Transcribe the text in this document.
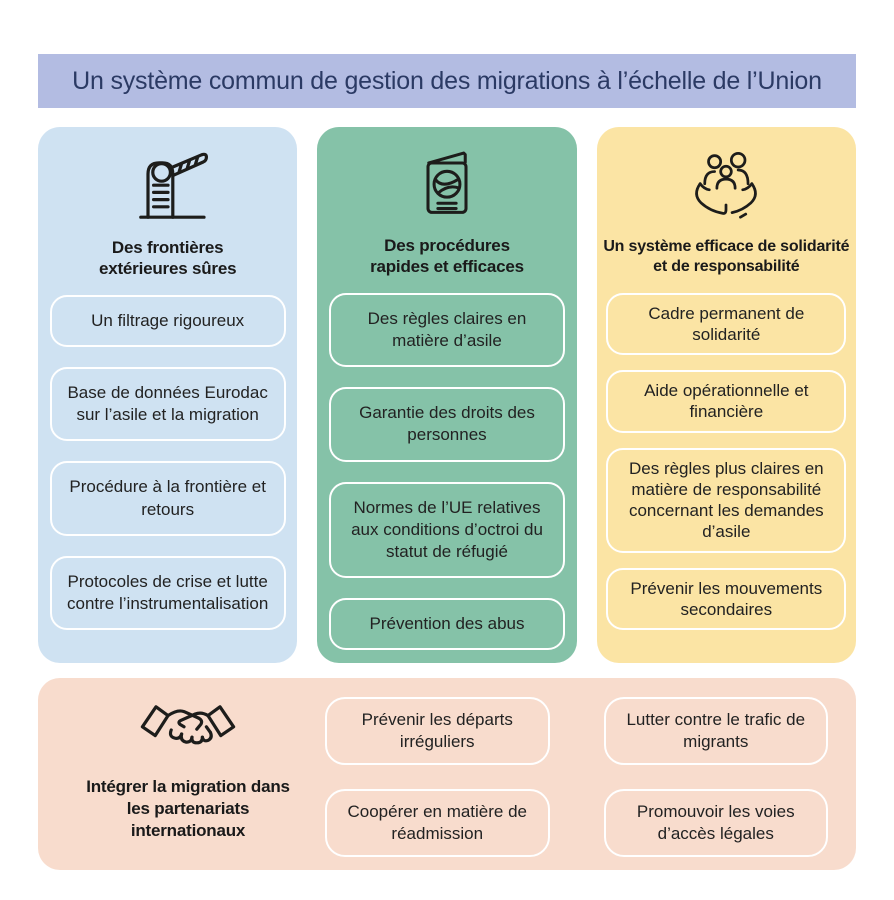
Un système commun de gestion des migrations à l’échelle de l’Union
Des frontières extérieures sûres
Un filtrage rigoureux
Base de données Eurodac sur l’asile et la migration
Procédure à la frontière et retours
Protocoles de crise et lutte contre l’instrumentalisation
Des procédures rapides et efficaces
Des règles claires en matière d’asile
Garantie des droits des personnes
Normes de l’UE relatives aux conditions d’octroi du statut de réfugié
Prévention des abus
Un système efficace de solidarité et de responsabilité
Cadre permanent de solidarité
Aide opérationnelle et financière
Des règles plus claires en matière de responsabilité concernant les demandes d’asile
Prévenir les mouvements secondaires
Intégrer la migration dans les partenariats internationaux
Prévenir les départs irréguliers
Lutter contre le trafic de migrants
Coopérer en matière de réadmission
Promouvoir les voies d’accès légales
